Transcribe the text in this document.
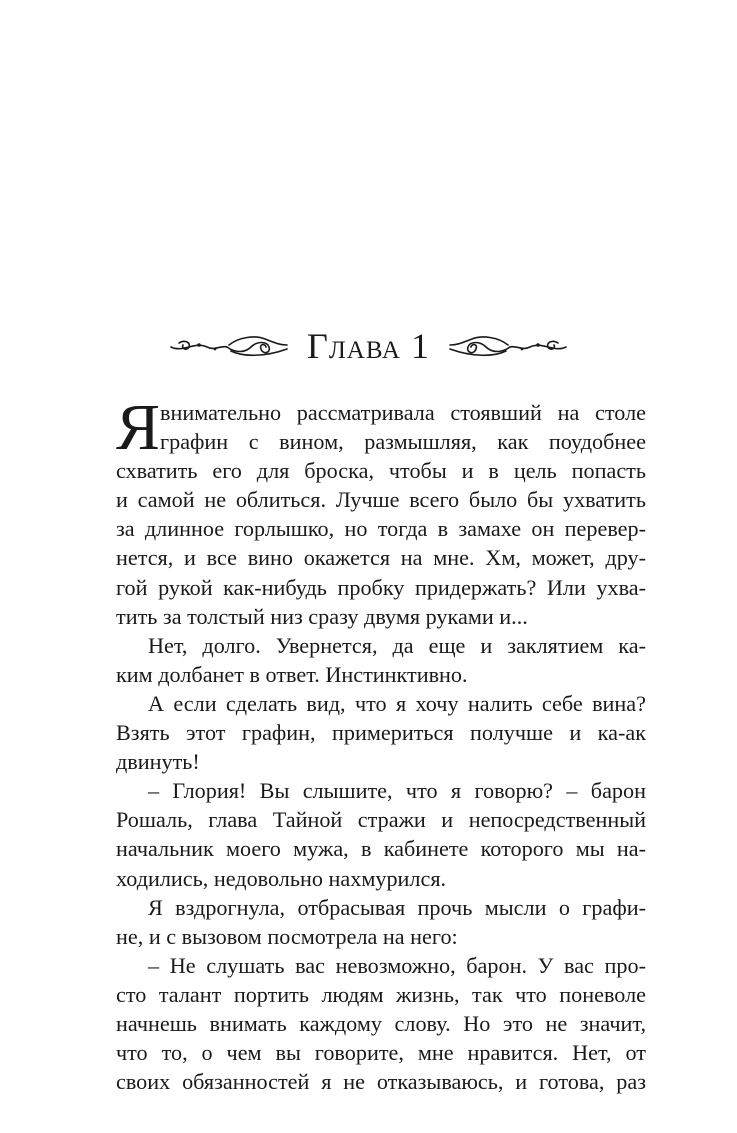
Глава 1
Я внимательно рассматривала стоявший на столе
графин с вином, размышляя, как поудобнее
схватить его для броска, чтобы и в цель попасть
и самой не облиться. Лучше всего было бы ухватить
за длинное горлышко, но тогда в замахе он перевер-
нется, и все вино окажется на мне. Хм, может, дру-
гой рукой как-нибудь пробку придержать? Или ухва-
тить за толстый низ сразу двумя руками и...
Нет, долго. Увернется, да еще и заклятием ка-
ким долбанет в ответ. Инстинктивно.
А если сделать вид, что я хочу налить себе вина?
Взять этот графин, примериться получше и ка-ак
двинуть!
– Глория! Вы слышите, что я говорю? – барон
Рошаль, глава Тайной стражи и непосредственный
начальник моего мужа, в кабинете которого мы на-
ходились, недовольно нахмурился.
Я вздрогнула, отбрасывая прочь мысли о графи-
не, и с вызовом посмотрела на него:
– Не слушать вас невозможно, барон. У вас про-
сто талант портить людям жизнь, так что поневоле
начнешь внимать каждому слову. Но это не значит,
что то, о чем вы говорите, мне нравится. Нет, от
своих обязанностей я не отказываюсь, и готова, раз
